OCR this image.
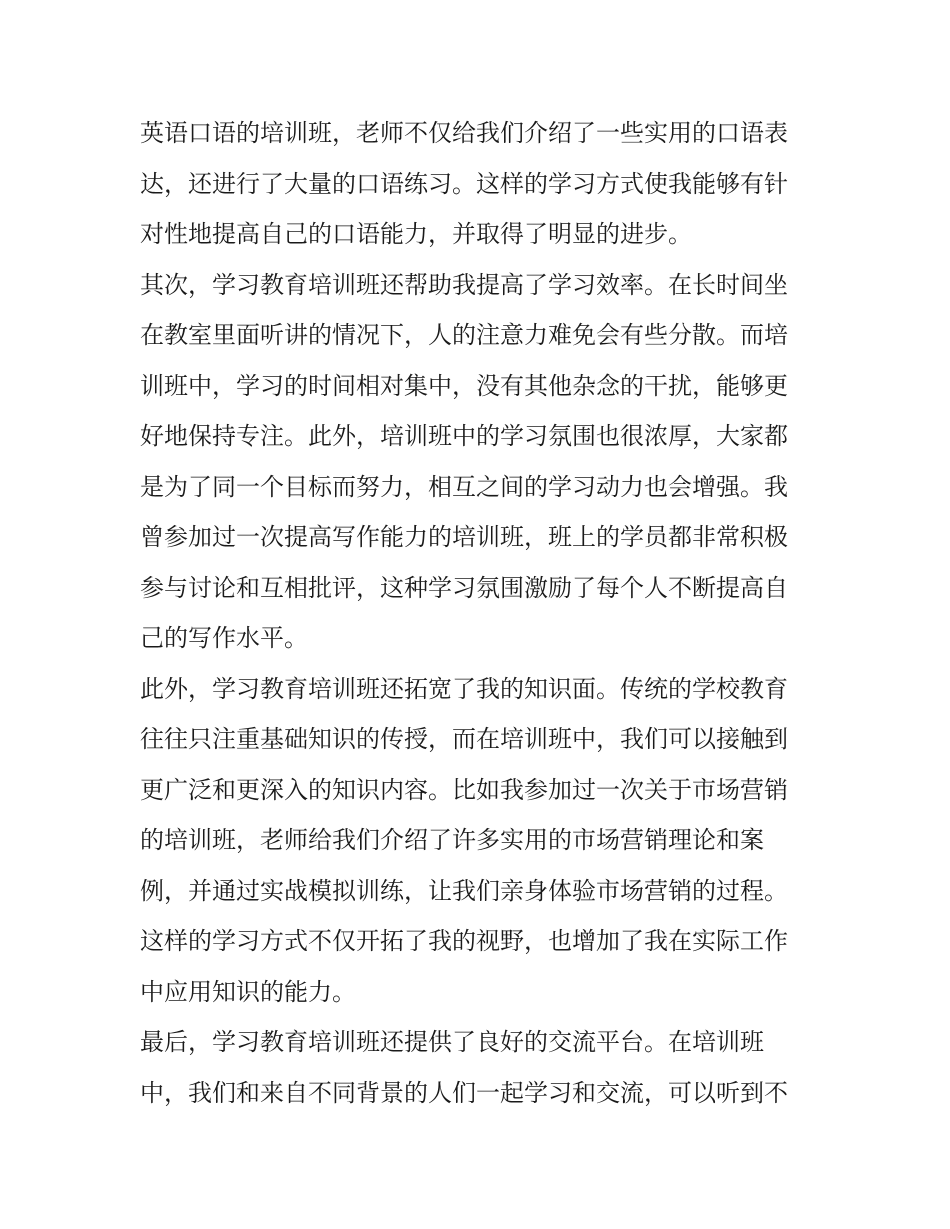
英语口语的培训班，老师不仅给我们介绍了一些实用的口语表
达，还进行了大量的口语练习。这样的学习方式使我能够有针
对性地提高自己的口语能力，并取得了明显的进步。
其次，学习教育培训班还帮助我提高了学习效率。在长时间坐
在教室里面听讲的情况下，人的注意力难免会有些分散。而培
训班中，学习的时间相对集中，没有其他杂念的干扰，能够更
好地保持专注。此外，培训班中的学习氛围也很浓厚，大家都
是为了同一个目标而努力，相互之间的学习动力也会增强。我
曾参加过一次提高写作能力的培训班，班上的学员都非常积极
参与讨论和互相批评，这种学习氛围激励了每个人不断提高自
己的写作水平。
此外，学习教育培训班还拓宽了我的知识面。传统的学校教育
往往只注重基础知识的传授，而在培训班中，我们可以接触到
更广泛和更深入的知识内容。比如我参加过一次关于市场营销
的培训班，老师给我们介绍了许多实用的市场营销理论和案
例，并通过实战模拟训练，让我们亲身体验市场营销的过程。
这样的学习方式不仅开拓了我的视野，也增加了我在实际工作
中应用知识的能力。
最后，学习教育培训班还提供了良好的交流平台。在培训班
中，我们和来自不同背景的人们一起学习和交流，可以听到不
